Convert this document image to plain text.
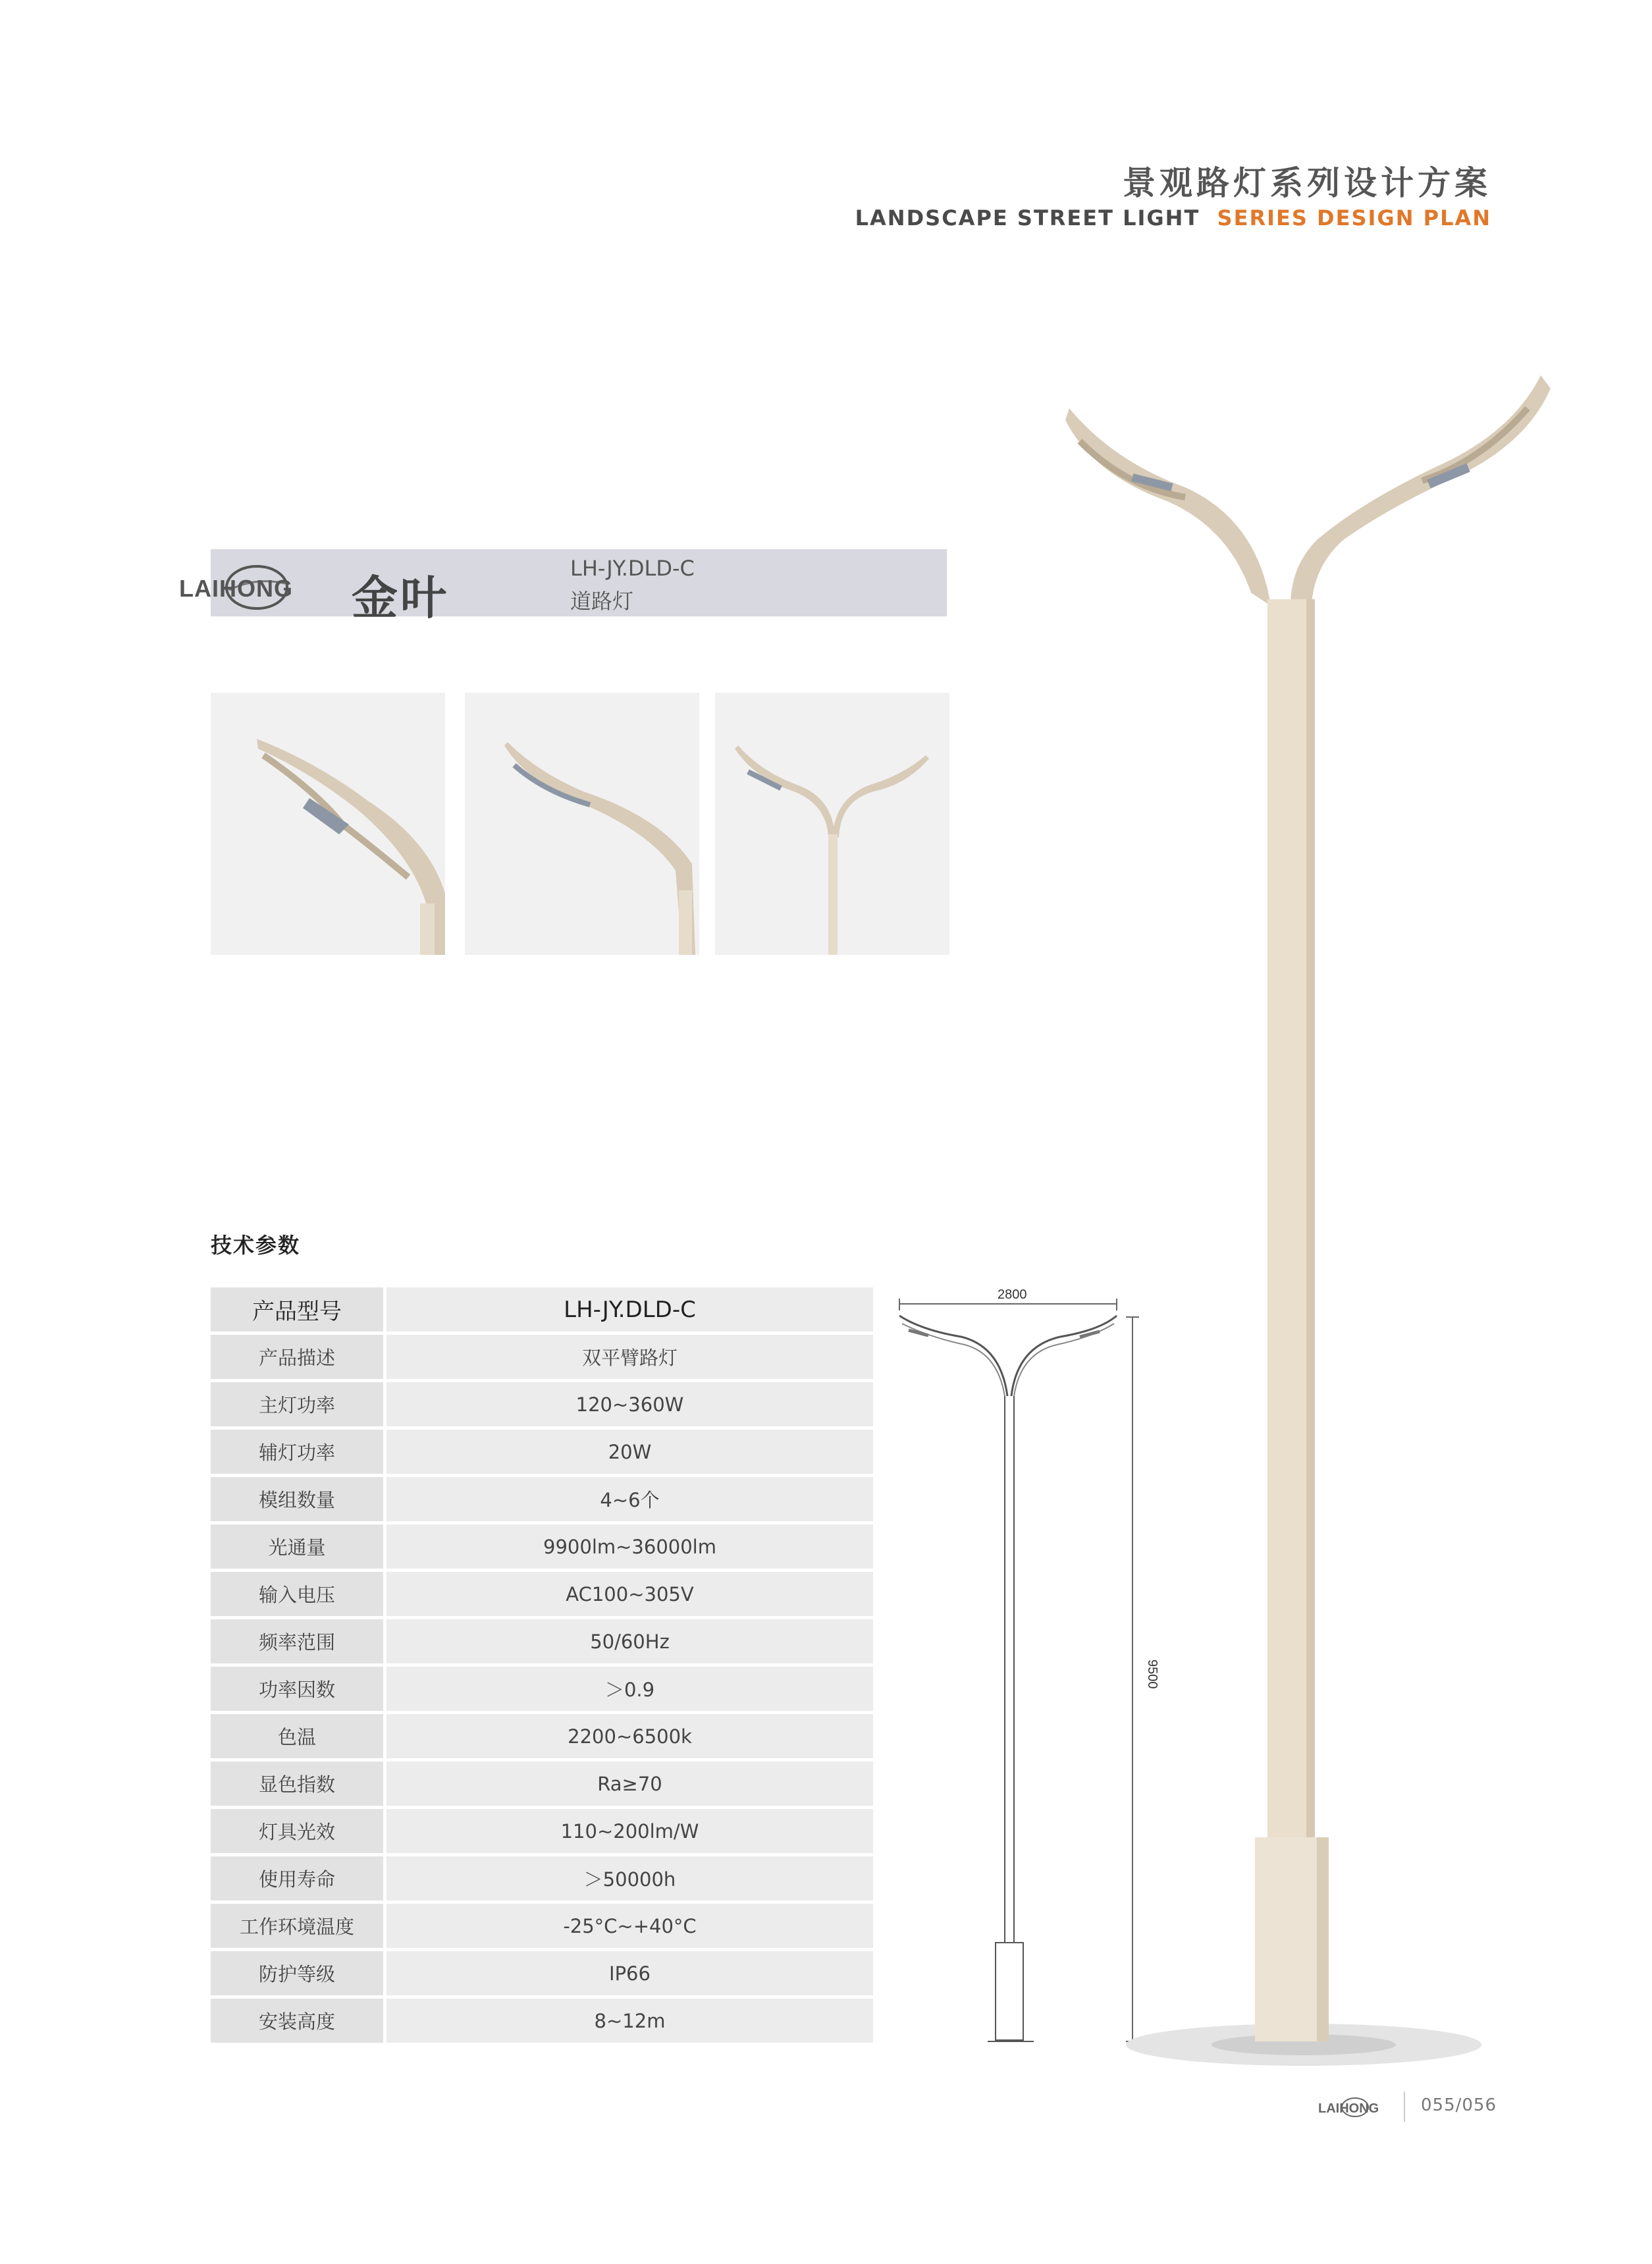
景观路灯系列设计方案
LANDSCAPE STREET LIGHT SERIES DESIGN PLAN
LAIHONG 金叶
LH-JY.DLD-C
道路灯
技术参数
产品型号	LH-JY.DLD-C
产品描述	双平臂路灯
主灯功率	120~360W
辅灯功率	20W
模组数量	4~6个
光通量	9900lm~36000lm
输入电压	AC100~305V
频率范围	50/60Hz
功率因数	＞0.9
色温	2200~6500k
显色指数	Ra≥70
灯具光效	110~200lm/W
使用寿命	＞50000h
工作环境温度	-25°C~+40°C
防护等级	IP66
安装高度	8~12m
2800
9500
LAIHONG 055/056
